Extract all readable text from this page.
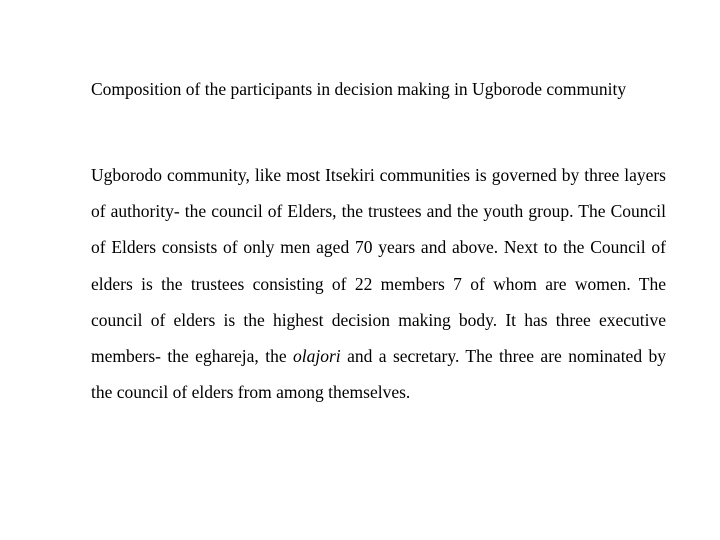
Composition of the participants in decision making in Ugborode community

Ugborodo community, like most Itsekiri communities is governed by three layers of authority- the council of Elders, the trustees and the youth group. The Council of Elders consists of only men aged 70 years and above. Next to the Council of elders is the trustees consisting of 22 members 7 of whom are women. The council of elders is the highest decision making body. It has three executive members- the eghareja, the olajori and a secretary. The three are nominated by the council of elders from among themselves.
